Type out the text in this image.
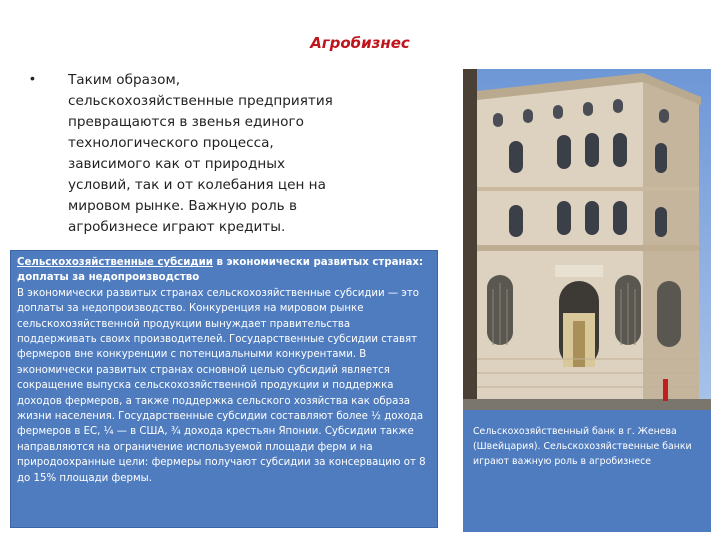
Агробизнес
• Таким образом, сельскохозяйственные предприятия превращаются в звенья единого технологического процесса, зависимого как от природных условий, так и от колебания цен на мировом рынке. Важную роль в агробизнесе играют кредиты.

Сельскохозяйственные субсидии в экономически развитых странах: доплаты за недопроизводство

В экономически развитых странах сельскохозяйственные субсидии — это доплаты за недопроизводство. Конкуренция на мировом рынке сельскохозяйственной продукции вынуждает правительства поддерживать своих производителей. Государственные субсидии ставят фермеров вне конкуренции с потенциальными конкурентами. В экономически развитых странах основной целью субсидий является сокращение выпуска сельскохозяйственной продукции и поддержка доходов фермеров, а также поддержка сельского хозяйства как образа жизни населения. Государственные субсидии составляют более ½ дохода фермеров в ЕС, ¼ — в США, ¾ дохода крестьян Японии. Субсидии также направляются на ограничение используемой площади ферм и на природоохранные цели: фермеры получают субсидии за консервацию от 8 до 15% площади фермы.

Сельскохозяйственный банк в г. Женева (Швейцария). Сельскохозяйственные банки играют важную роль в агробизнесе
